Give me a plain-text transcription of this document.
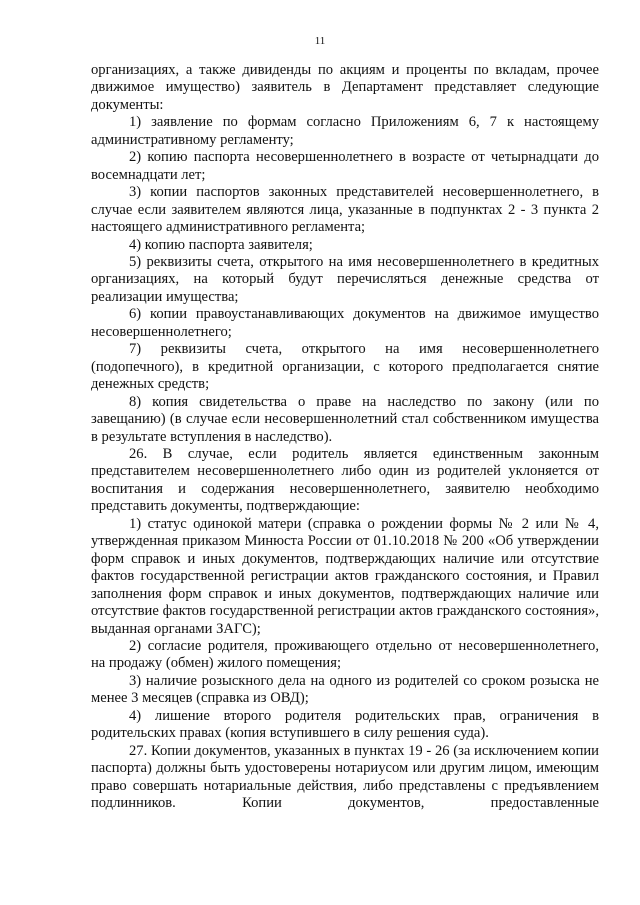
11

организациях, а также дивиденды по акциям и проценты по вкладам, прочее движимое имущество) заявитель в Департамент представляет следующие документы:

1) заявление по формам согласно Приложениям 6, 7 к настоящему административному регламенту;

2) копию паспорта несовершеннолетнего в возрасте от четырнадцати до восемнадцати лет;

3) копии паспортов законных представителей несовершеннолетнего, в случае если заявителем являются лица, указанные в подпунктах 2 - 3 пункта 2 настоящего административного регламента;

4) копию паспорта заявителя;

5) реквизиты счета, открытого на имя несовершеннолетнего в кредитных организациях, на который будут перечисляться денежные средства от реализации имущества;

6) копии правоустанавливающих документов на движимое имущество несовершеннолетнего;

7) реквизиты счета, открытого на имя несовершеннолетнего (подопечного), в кредитной организации, с которого предполагается снятие денежных средств;

8) копия свидетельства о праве на наследство по закону (или по завещанию) (в случае если несовершеннолетний стал собственником имущества в результате вступления в наследство).

26. В случае, если родитель является единственным законным представителем несовершеннолетнего либо один из родителей уклоняется от воспитания и содержания несовершеннолетнего, заявителю необходимо представить документы, подтверждающие:

1) статус одинокой матери (справка о рождении формы № 2 или № 4, утвержденная приказом Минюста России от 01.10.2018 № 200 «Об утверждении форм справок и иных документов, подтверждающих наличие или отсутствие фактов государственной регистрации актов гражданского состояния, и Правил заполнения форм справок и иных документов, подтверждающих наличие или отсутствие фактов государственной регистрации актов гражданского состояния», выданная органами ЗАГС);

2) согласие родителя, проживающего отдельно от несовершеннолетнего, на продажу (обмен) жилого помещения;

3) наличие розыскного дела на одного из родителей со сроком розыска не менее 3 месяцев (справка из ОВД);

4) лишение второго родителя родительских прав, ограничения в родительских правах (копия вступившего в силу решения суда).

27. Копии документов, указанных в пунктах 19 - 26 (за исключением копии паспорта) должны быть удостоверены нотариусом или другим лицом, имеющим право совершать нотариальные действия, либо представлены с предъявлением подлинников. Копии документов, предоставленные
